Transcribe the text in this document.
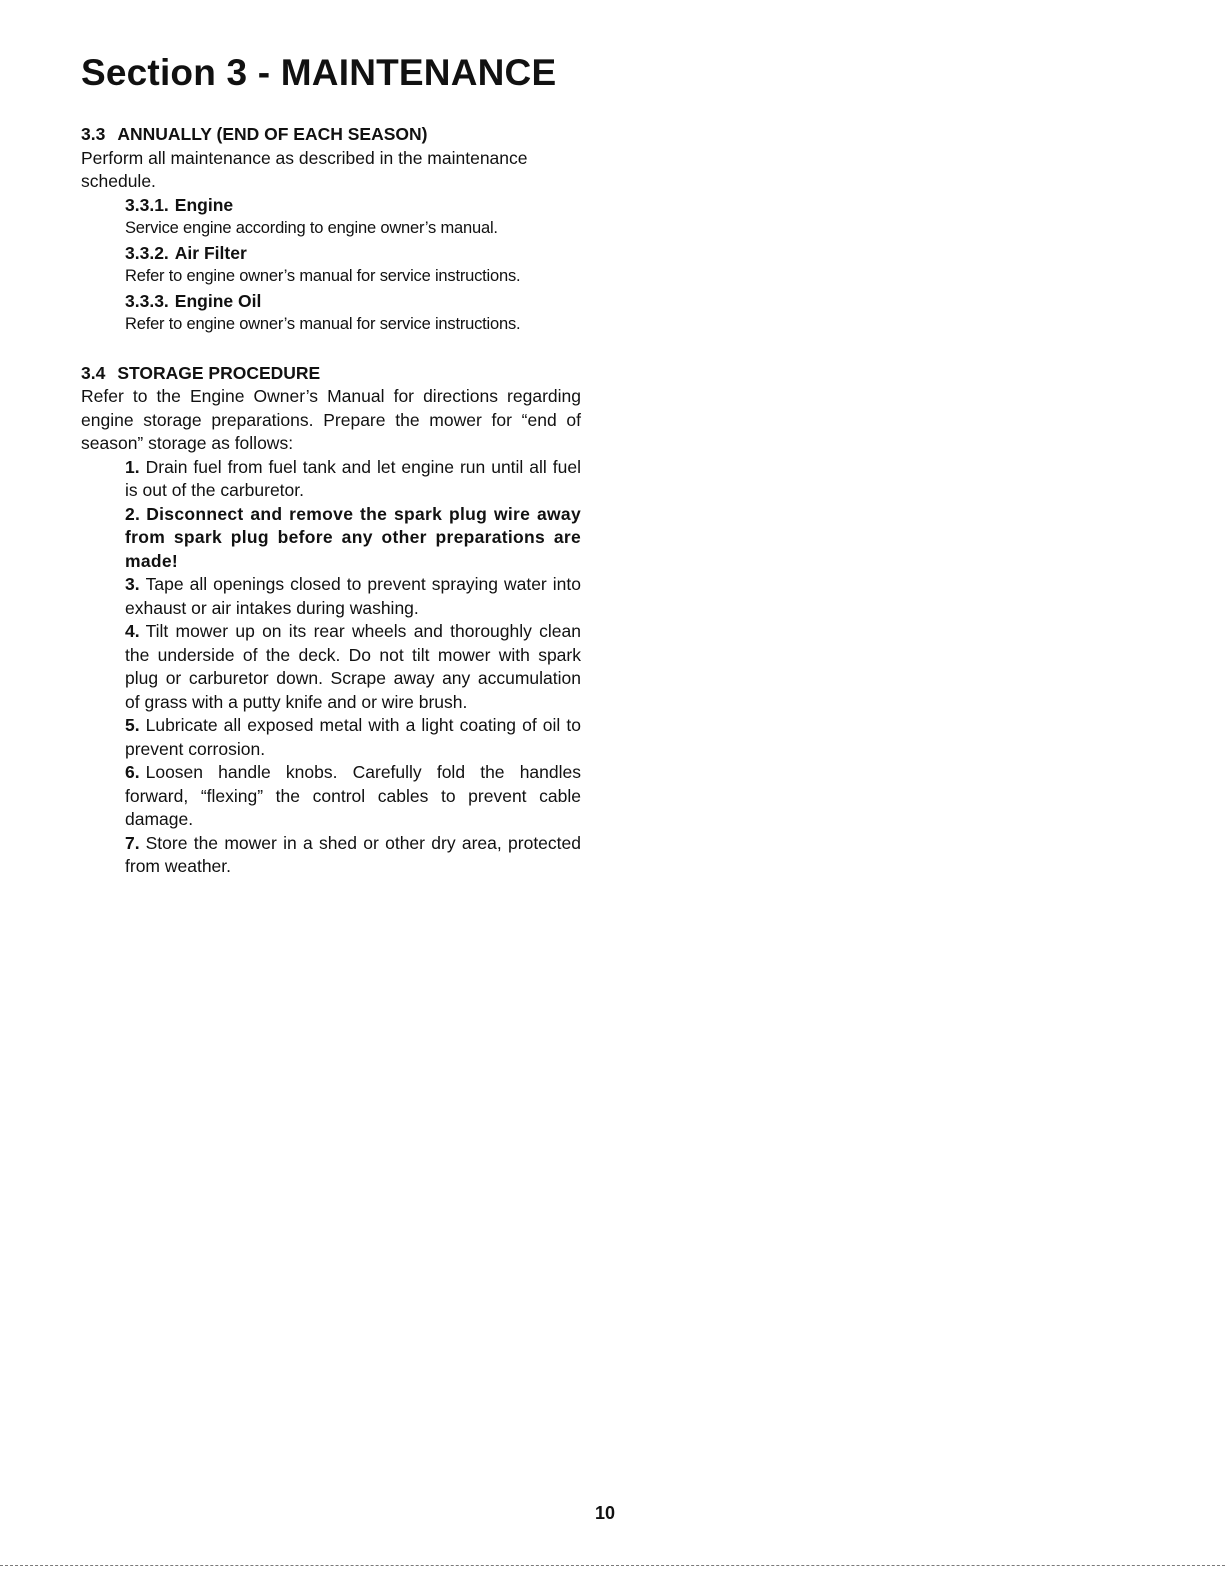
Section 3 - MAINTENANCE
3.3 ANNUALLY (END OF EACH SEASON)

Perform all maintenance as described in the maintenance schedule.

3.3.1. Engine

Service engine according to engine owner’s manual.

3.3.2. Air Filter

Refer to engine owner’s manual for service instructions.

3.3.3. Engine Oil

Refer to engine owner’s manual for service instructions.

3.4 STORAGE PROCEDURE

Refer to the Engine Owner’s Manual for directions regarding engine storage preparations. Prepare the mower for “end of season” storage as follows:

1. Drain fuel from fuel tank and let engine run until all fuel is out of the carburetor.

2. Disconnect and remove the spark plug wire away from spark plug before any other preparations are made!

3. Tape all openings closed to prevent spraying water into exhaust or air intakes during washing.

4. Tilt mower up on its rear wheels and thoroughly clean the underside of the deck. Do not tilt mower with spark plug or carburetor down. Scrape away any accumulation of grass with a putty knife and or wire brush.

5. Lubricate all exposed metal with a light coating of oil to prevent corrosion.

6. Loosen handle knobs. Carefully fold the handles forward, “flexing” the control cables to prevent cable damage.

7. Store the mower in a shed or other dry area, protected from weather.

10
